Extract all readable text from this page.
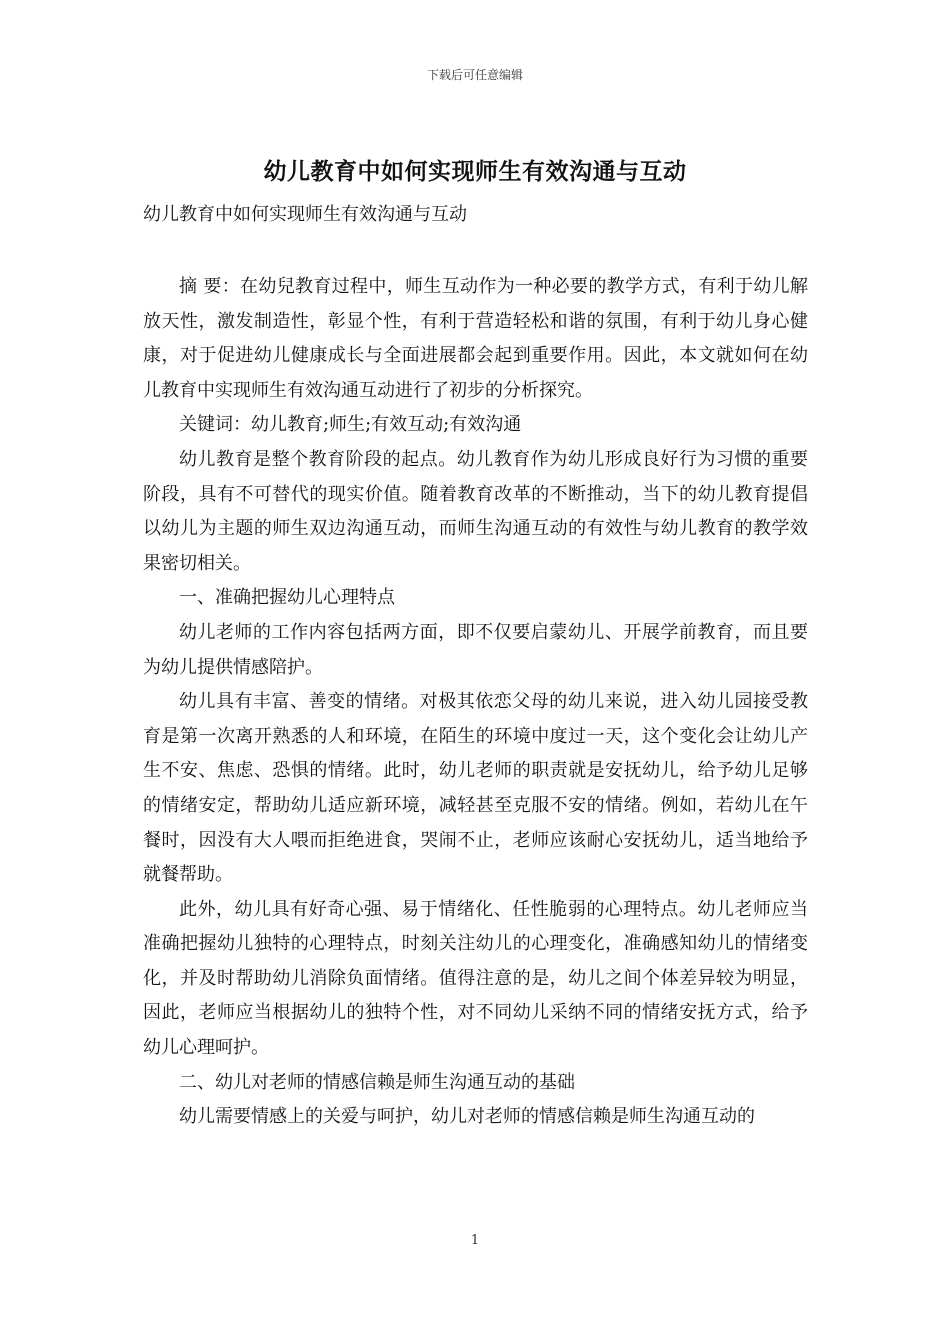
下载后可任意编辑
幼儿教育中如何实现师生有效沟通与互动

幼儿教育中如何实现师生有效沟通与互动

摘 要：在幼兒教育过程中，师生互动作为一种必要的教学方式，有利于幼儿解放天性，激发制造性，彰显个性，有利于营造轻松和谐的氛围，有利于幼儿身心健康，对于促进幼儿健康成长与全面进展都会起到重要作用。因此，本文就如何在幼儿教育中实现师生有效沟通互动进行了初步的分析探究。

关键词：幼儿教育;师生;有效互动;有效沟通

幼儿教育是整个教育阶段的起点。幼儿教育作为幼儿形成良好行为习惯的重要阶段，具有不可替代的现实价值。随着教育改革的不断推动，当下的幼儿教育提倡以幼儿为主题的师生双边沟通互动，而师生沟通互动的有效性与幼儿教育的教学效果密切相关。

一、准确把握幼儿心理特点

幼儿老师的工作内容包括两方面，即不仅要启蒙幼儿、开展学前教育，而且要为幼儿提供情感陪护。

幼儿具有丰富、善变的情绪。对极其依恋父母的幼儿来说，进入幼儿园接受教育是第一次离开熟悉的人和环境，在陌生的环境中度过一天，这个变化会让幼儿产生不安、焦虑、恐惧的情绪。此时，幼儿老师的职责就是安抚幼儿，给予幼儿足够的情绪安定，帮助幼儿适应新环境，减轻甚至克服不安的情绪。例如，若幼儿在午餐时，因没有大人喂而拒绝进食，哭闹不止，老师应该耐心安抚幼儿，适当地给予就餐帮助。

此外，幼儿具有好奇心强、易于情绪化、任性脆弱的心理特点。幼儿老师应当准确把握幼儿独特的心理特点，时刻关注幼儿的心理变化，准确感知幼儿的情绪变化，并及时帮助幼儿消除负面情绪。值得注意的是，幼儿之间个体差异较为明显，因此，老师应当根据幼儿的独特个性，对不同幼儿采纳不同的情绪安抚方式，给予幼儿心理呵护。

二、幼儿对老师的情感信赖是师生沟通互动的基础

幼儿需要情感上的关爱与呵护，幼儿对老师的情感信赖是师生沟通互动的

1
